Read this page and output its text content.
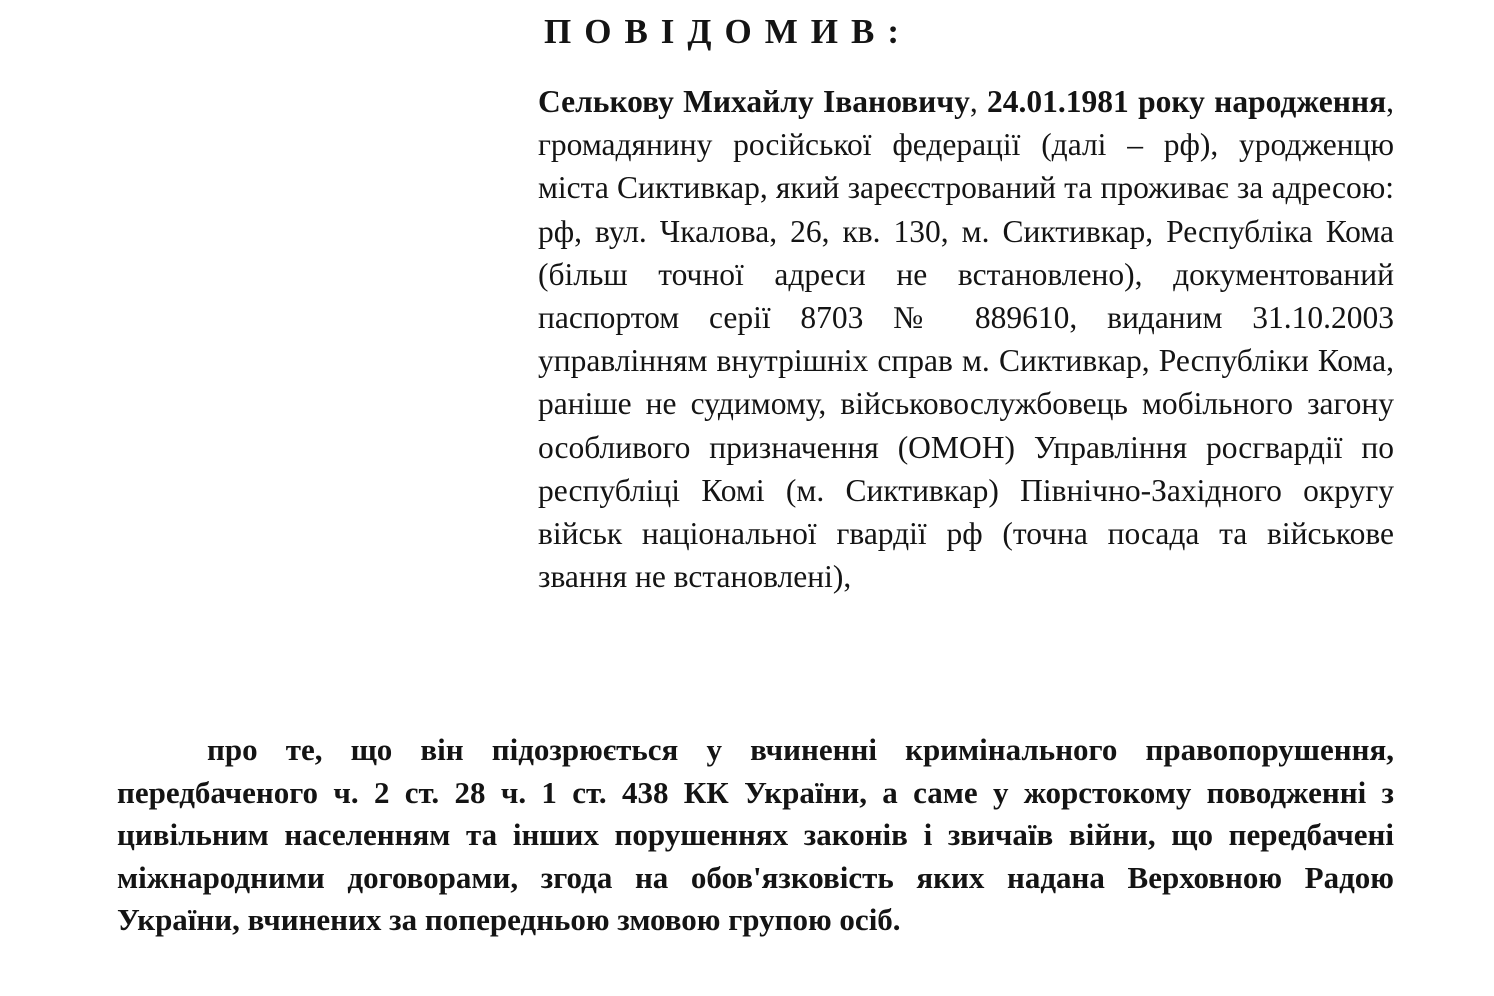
ПОВІДОМИВ:

Селькову Михайлу Івановичу, 24.01.1981 року народження, громадянину російської федерації (далі – рф), уродженцю міста Сиктивкар, який зареєстрований та проживає за адресою: рф, вул. Чкалова, 26, кв. 130, м. Сиктивкар, Республіка Кома (більш точної адреси не встановлено), документований паспортом серії 8703 № 889610, виданим 31.10.2003 управлінням внутрішніх справ м. Сиктивкар, Республіки Кома, раніше не судимому, військовослужбовець мобільного загону особливого призначення (ОМОН) Управління росгвардії по республіці Комі (м. Сиктивкар) Північно-Західного округу військ національної гвардії рф (точна посада та військове звання не встановлені),

про те, що він підозрюється у вчиненні кримінального правопорушення, передбаченого ч. 2 ст. 28 ч. 1 ст. 438 КК України, а саме у жорстокому поводженні з цивільним населенням та інших порушеннях законів і звичаїв війни, що передбачені міжнародними договорами, згода на обов'язковість яких надана Верховною Радою України, вчинених за попередньою змовою групою осіб.
